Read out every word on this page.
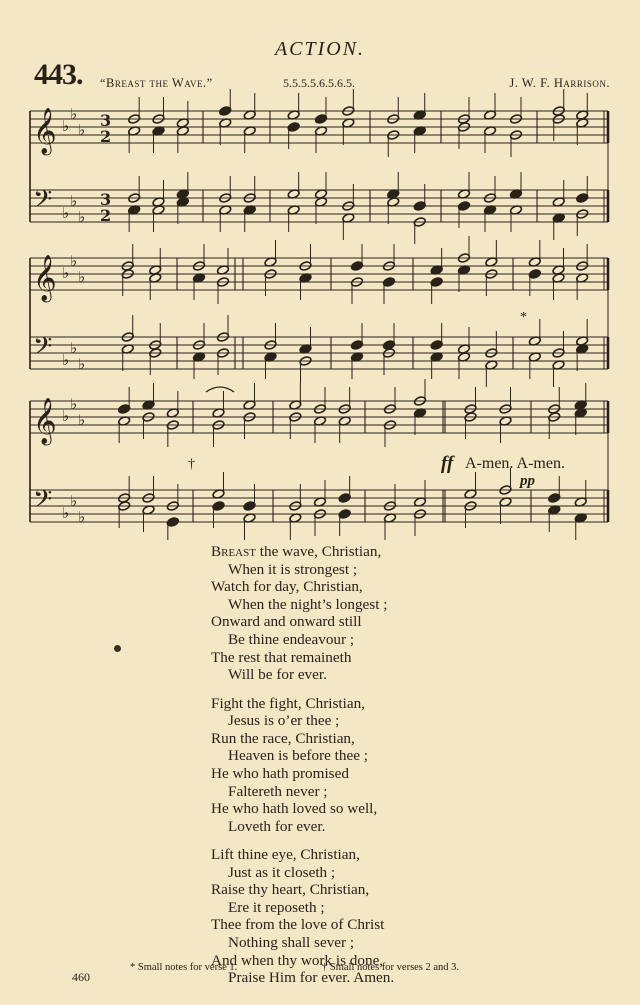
ACTION.
443. “Breast the Wave.”	5.5.5.5.6.5.6.5.	J. W. F. Harrison.
𝄞 ♭
♭
♭ 3
2
𝄢 ♭
♭
♭
3
2
𝄞 ♭
♭
♭
𝄢 ♭
♭
♭
𝄞 ♭
♭
♭
𝄢 ♭
♭
♭
ff A-men. A-men.
pp
*
†
Breast the wave, Christian,
When it is strongest ;
Watch for day, Christian,
When the night’s longest ;
Onward and onward still
Be thine endeavour ;
The rest that remaineth
Will be for ever.
Fight the fight, Christian,
Jesus is o’er thee ;
Run the race, Christian,
Heaven is before thee ;
He who hath promised
Faltereth never ;
He who hath loved so well,
Loveth for ever.
Lift thine eye, Christian,
Just as it closeth ;
Raise thy heart, Christian,
Ere it reposeth ;
Thee from the love of Christ
Nothing shall sever ;
And when thy work is done,
Praise Him for ever. Amen.
460
* Small notes for verse 1.	† Small notes for verses 2 and 3.
